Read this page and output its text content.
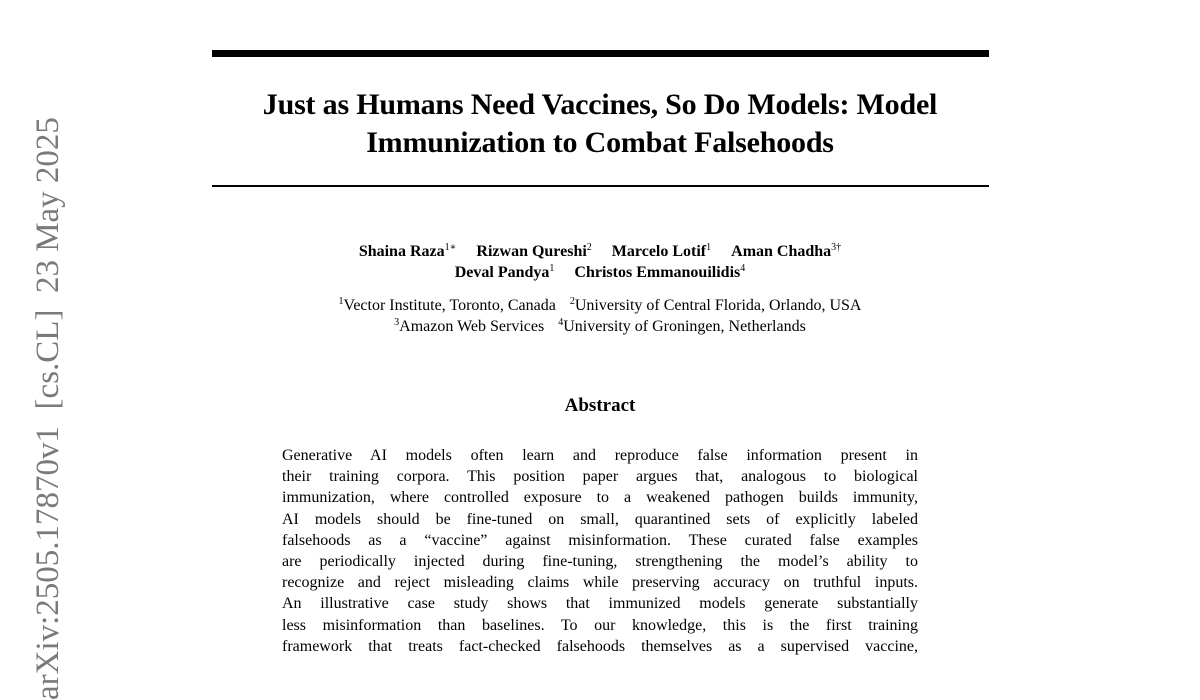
Just as Humans Need Vaccines, So Do Models: Model
Immunization to Combat Falsehoods
Shaina Raza$^{1∗}$ Rizwan Qureshi$^2$ Marcelo Lotif$^1$ Aman Chadha$^{3\dagger}$
Deval Pandya$^1$ Christos Emmanouilidis$^4$
$^1$Vector Institute, Toronto, Canada $^2$University of Central Florida, Orlando, USA
$^3$Amazon Web Services $^4$University of Groningen, Netherlands
Abstract
Generative AI models often learn and reproduce false information present in
their training corpora. This position paper argues that, analogous to biological
immunization, where controlled exposure to a weakened pathogen builds immunity,
AI models should be fine-tuned on small, quarantined sets of explicitly labeled
falsehoods as a “vaccine” against misinformation. These curated false examples
are periodically injected during fine-tuning, strengthening the model’s ability to
recognize and reject misleading claims while preserving accuracy on truthful inputs.
An illustrative case study shows that immunized models generate substantially
less misinformation than baselines. To our knowledge, this is the first training
framework that treats fact-checked falsehoods themselves as a supervised vaccine,
arXiv:2505.17870v1  [cs.CL]  23 May 2025
